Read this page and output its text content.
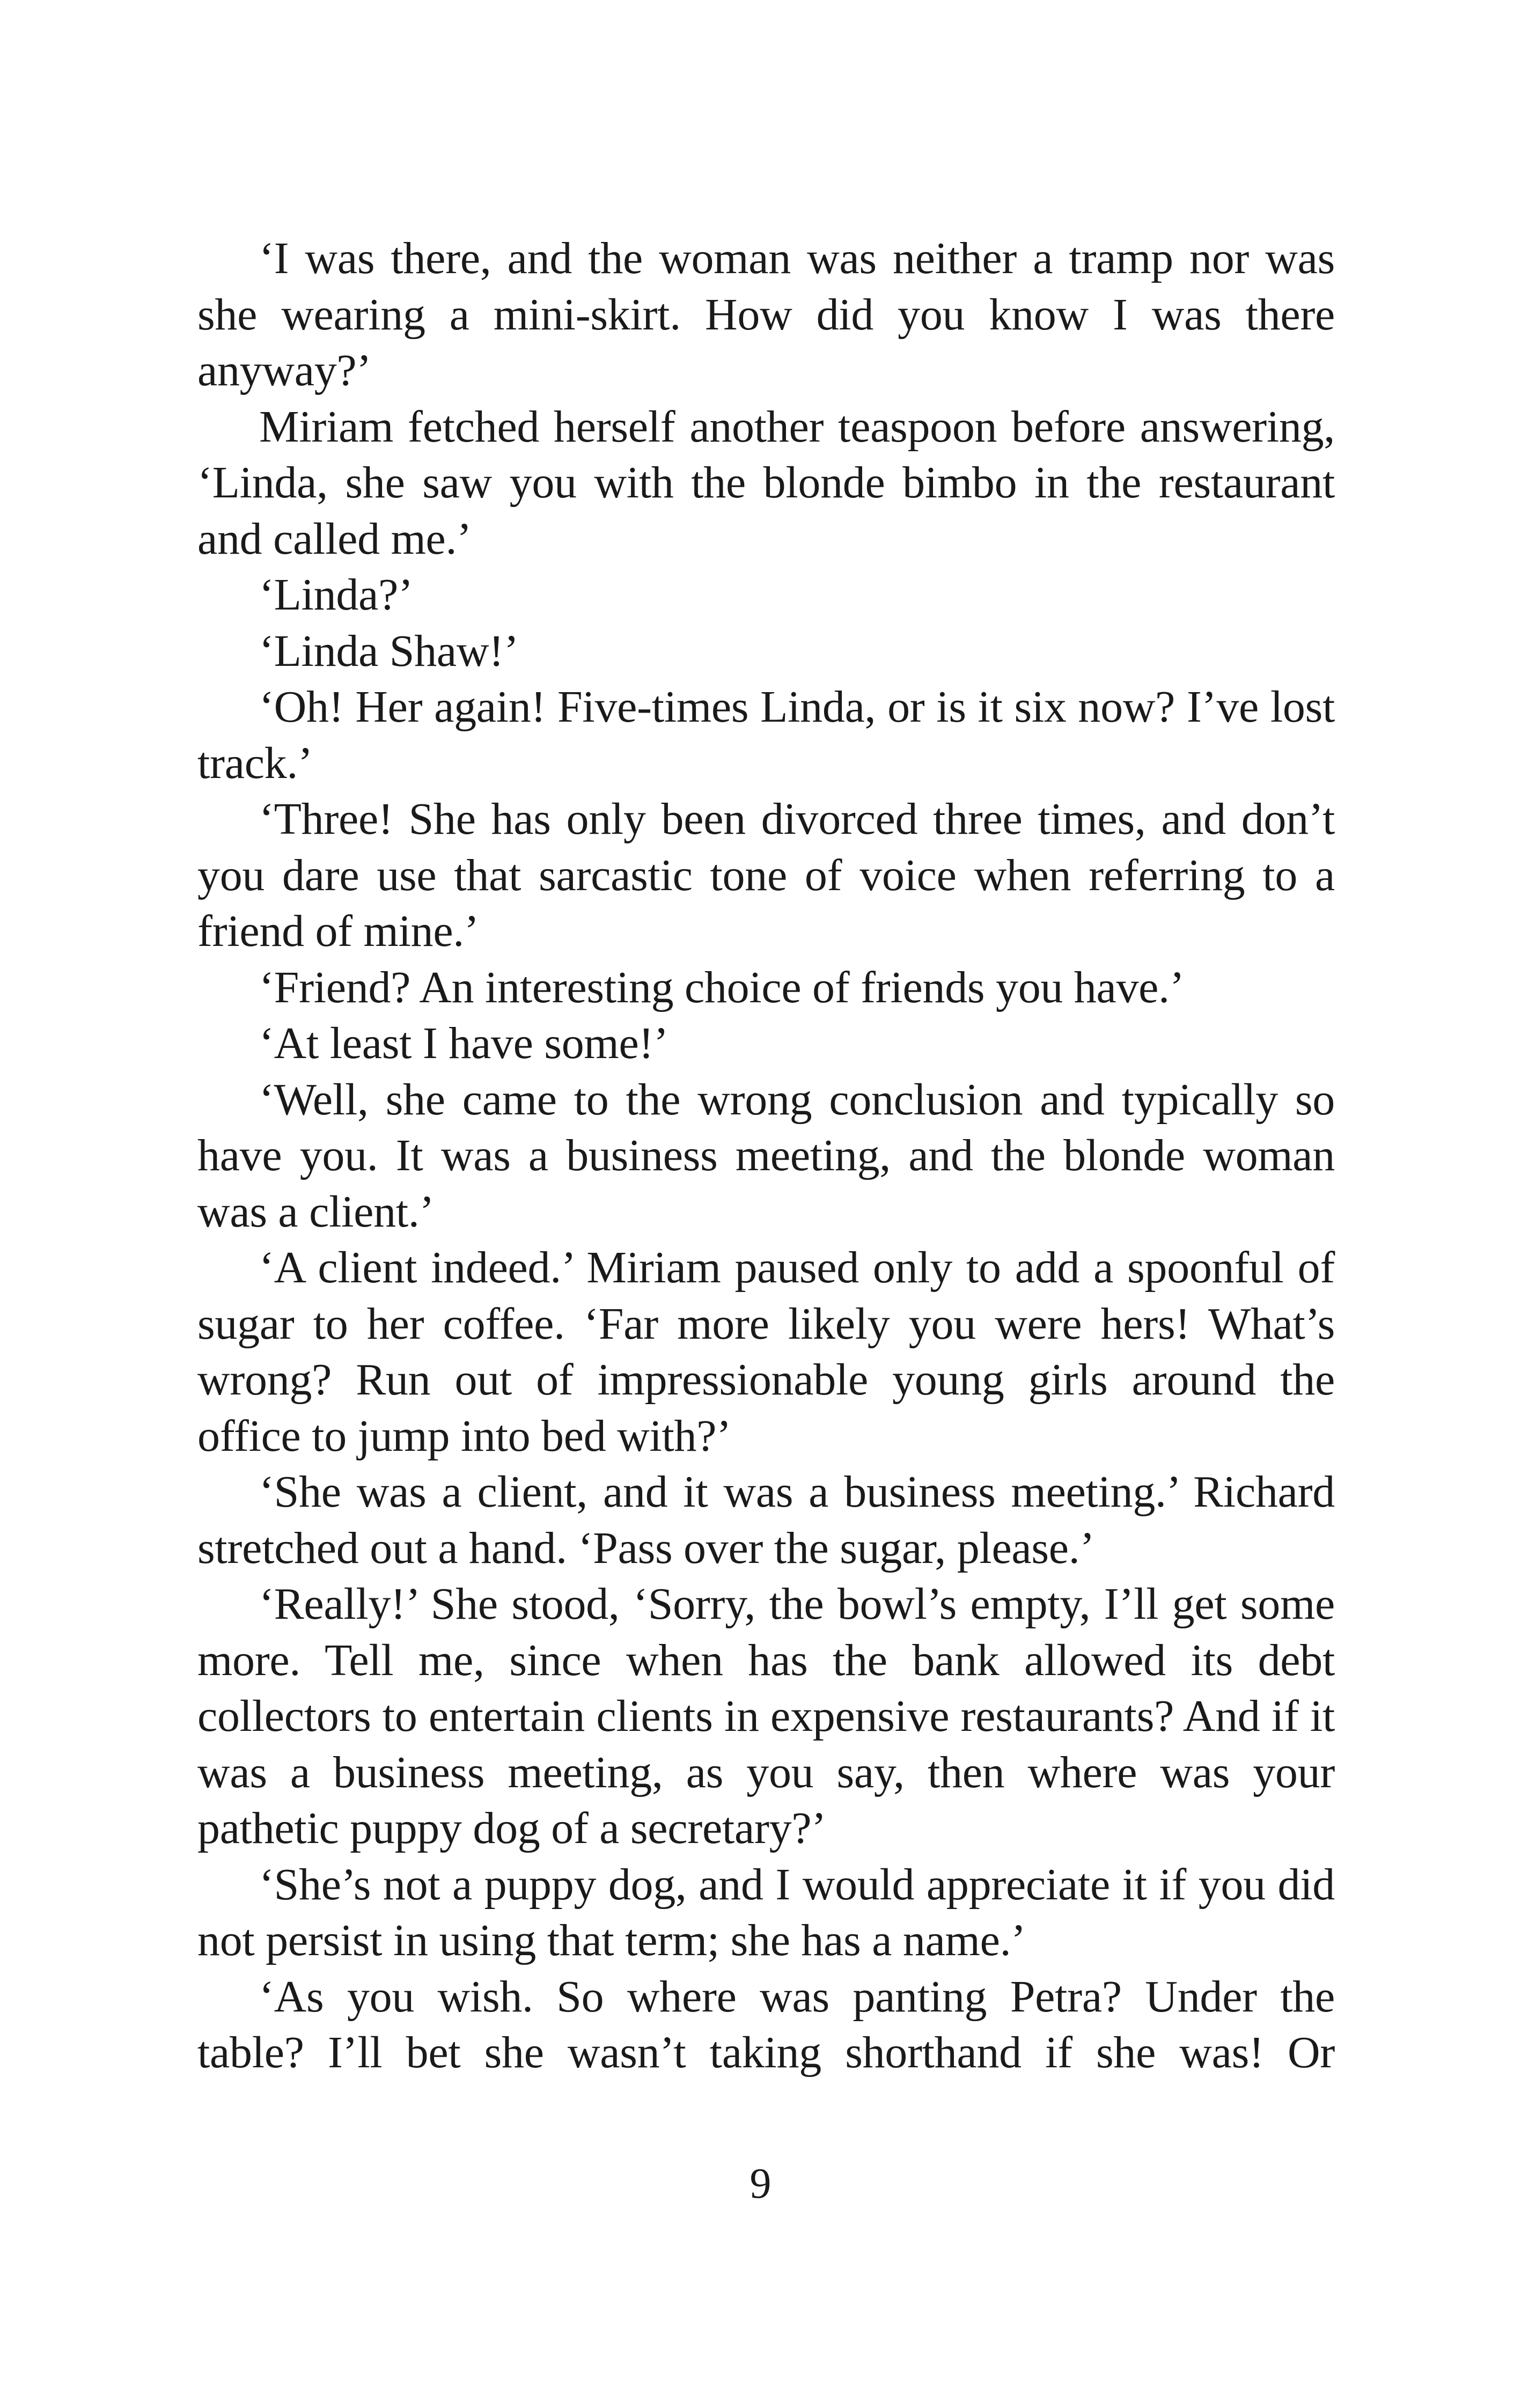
‘I was there, and the woman was neither a tramp nor was she wearing a mini-skirt. How did you know I was there anyway?’

Miriam fetched herself another teaspoon before answering, ‘Linda, she saw you with the blonde bimbo in the restaurant and called me.’

‘Linda?’

‘Linda Shaw!’

‘Oh! Her again! Five-times Linda, or is it six now? I’ve lost track.’

‘Three! She has only been divorced three times, and don’t you dare use that sarcastic tone of voice when referring to a friend of mine.’

‘Friend? An interesting choice of friends you have.’

‘At least I have some!’

‘Well, she came to the wrong conclusion and typically so have you. It was a business meeting, and the blonde woman was a client.’

‘A client indeed.’ Miriam paused only to add a spoonful of sugar to her coffee. ‘Far more likely you were hers! What’s wrong? Run out of impressionable young girls around the office to jump into bed with?’

‘She was a client, and it was a business meeting.’ Richard stretched out a hand. ‘Pass over the sugar, please.’

‘Really!’ She stood, ‘Sorry, the bowl’s empty, I’ll get some more. Tell me, since when has the bank allowed its debt collectors to entertain clients in expensive restaurants? And if it was a business meeting, as you say, then where was your pathetic puppy dog of a secretary?’

‘She’s not a puppy dog, and I would appreciate it if you did not persist in using that term; she has a name.’

‘As you wish. So where was panting Petra? Under the table? I’ll bet she wasn’t taking shorthand if she was! Or

9
